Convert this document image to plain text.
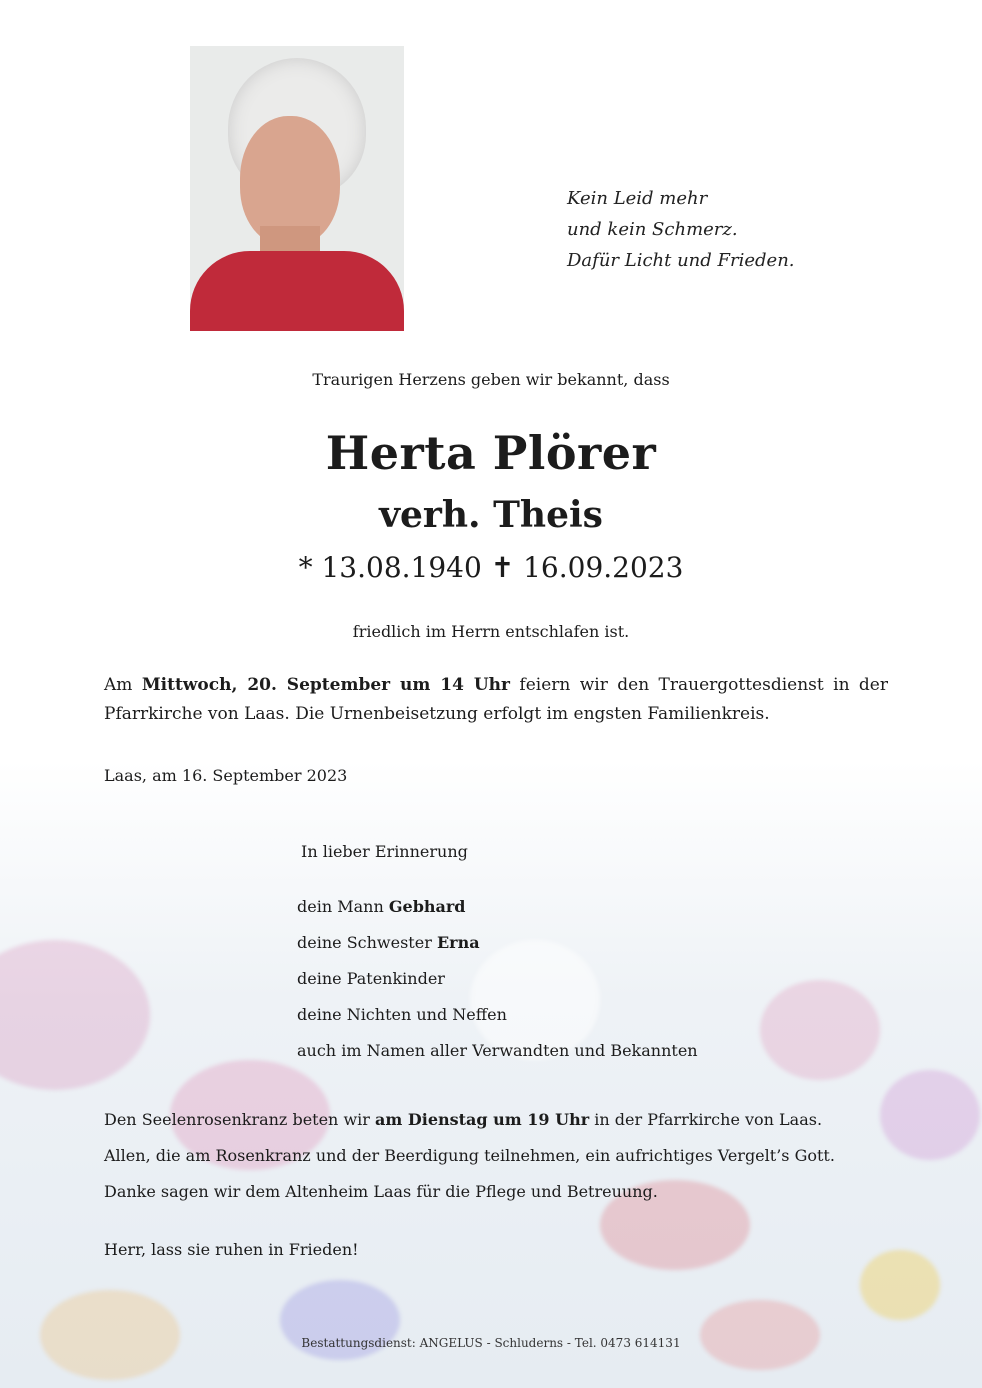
Kein Leid mehr
und kein Schmerz.
Dafür Licht und Frieden.
Traurigen Herzens geben wir bekannt, dass
Herta Plörer
verh. Theis
* 13.08.1940 ✝ 16.09.2023
friedlich im Herrn entschlafen ist.
Am Mittwoch, 20. September um 14 Uhr feiern wir den Trauergottesdienst in der Pfarrkirche von Laas. Die Urnenbeisetzung erfolgt im engsten Familienkreis.
Laas, am 16. September 2023
In lieber Erinnerung
dein Mann Gebhard
deine Schwester Erna
deine Patenkinder
deine Nichten und Neffen
auch im Namen aller Verwandten und Bekannten
Den Seelenrosenkranz beten wir am Dienstag um 19 Uhr in der Pfarrkirche von Laas.
Allen, die am Rosenkranz und der Beerdigung teilnehmen, ein aufrichtiges Vergelt’s Gott.
Danke sagen wir dem Altenheim Laas für die Pflege und Betreuung.
Herr, lass sie ruhen in Frieden!
Bestattungsdienst: ANGELUS - Schluderns - Tel. 0473 614131
